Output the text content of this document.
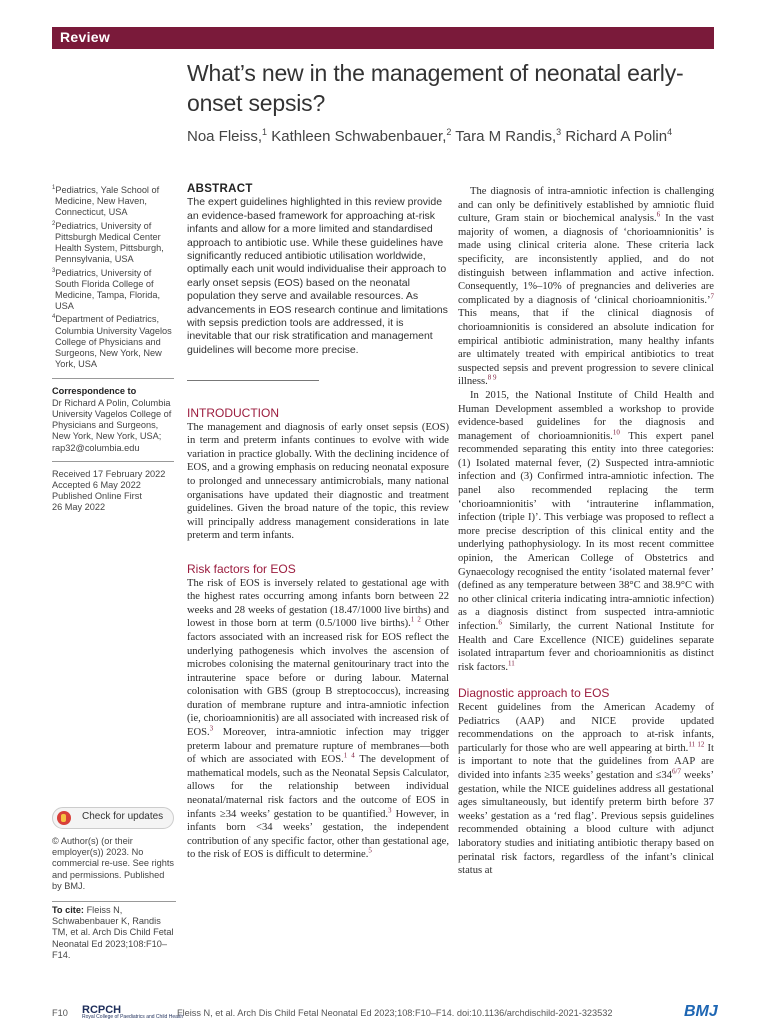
Review
What’s new in the management of neonatal early-onset sepsis?
Noa Fleiss,$^1$ Kathleen Schwabenbauer,$^2$ Tara M Randis,$^3$ Richard A Polin$^4$

$^1$Pediatrics, Yale School of Medicine, New Haven, Connecticut, USA

$^2$Pediatrics, University of Pittsburgh Medical Center Health System, Pittsburgh, Pennsylvania, USA

$^3$Pediatrics, University of South Florida College of Medicine, Tampa, Florida, USA

$^4$Department of Pediatrics, Columbia University Vagelos College of Physicians and Surgeons, New York, New York, USA

Correspondence to

Dr Richard A Polin, Columbia University Vagelos College of Physicians and Surgeons, New York, New York, USA; rap32@columbia.edu

Received 17 February 2022

Accepted 6 May 2022

Published Online First

26 May 2022

Check for updates

© Author(s) (or their employer(s)) 2023. No commercial re-use. See rights and permissions. Published by BMJ.

To cite: Fleiss N, Schwabenbauer K, Randis TM, et al. Arch Dis Child Fetal Neonatal Ed 2023;108:F10–F14.
ABSTRACT

The expert guidelines highlighted in this review provide an evidence-based framework for approaching at-risk infants and allow for a more limited and standardised approach to antibiotic use. While these guidelines have significantly reduced antibiotic utilisation worldwide, optimally each unit would individualise their approach to early onset sepsis (EOS) based on the neonatal population they serve and available resources. As advancements in EOS research continue and limitations with sepsis prediction tools are addressed, it is inevitable that our risk stratification and management guidelines will become more precise.

INTRODUCTION

The management and diagnosis of early onset sepsis (EOS) in term and preterm infants continues to evolve with wide variation in practice globally. With the declining incidence of EOS, and a growing emphasis on reducing neonatal exposure to prolonged and unnecessary antimicrobials, many national organisations have updated their diagnostic and treatment guidelines. Given the broad nature of the topic, this review will principally address management considerations in late preterm and term infants.

Risk factors for EOS

The risk of EOS is inversely related to gestational age with the highest rates occurring among infants born between 22 weeks and 28 weeks of gestation (18.47/1000 live births) and lowest in those born at term (0.5/1000 live births).$^{1 2}$ Other factors associated with an increased risk for EOS reflect the underlying pathogenesis which involves the ascension of microbes colonising the maternal genitourinary tract into the intrauterine space before or during labour. Maternal colonisation with GBS (group B streptococcus), increasing duration of membrane rupture and intra-amniotic infection (ie, chorioamnionitis) are all associated with increased risk of EOS.$^3$ Moreover, intra-amniotic infection may trigger preterm labour and premature rupture of membranes—both of which are associated with EOS.$^{1 4}$ The development of mathematical models, such as the Neonatal Sepsis Calculator, allows for the relationship between individual neonatal/maternal risk factors and the outcome of EOS in infants ≥34 weeks’ gestation to be quantified.$^3$ However, in infants born <34 weeks’ gestation, the independent contribution of any specific factor, other than gestational age, to the risk of EOS is difficult to determine.$^5$

The diagnosis of intra-amniotic infection is challenging and can only be definitively established by amniotic fluid culture, Gram stain or biochemical analysis.$^6$ In the vast majority of women, a diagnosis of ‘chorioamnionitis’ is made using clinical criteria alone. These criteria lack specificity, are inconsistently applied, and do not distinguish between inflammation and active infection. Consequently, 1%–10% of pregnancies and deliveries are complicated by a diagnosis of ‘clinical chorioamnionitis.’$^7$ This means, that if the clinical diagnosis of chorioamnionitis is considered an absolute indication for empirical antibiotic administration, many healthy infants are ultimately treated with empirical antibiotics to treat suspected sepsis and prevent progression to severe clinical illness.$^{8 9}$

In 2015, the National Institute of Child Health and Human Development assembled a workshop to provide evidence-based guidelines for the diagnosis and management of chorioamnionitis.$^{10}$ This expert panel recommended separating this entity into three categories: (1) Isolated maternal fever, (2) Suspected intra-amniotic infection and (3) Confirmed intra-amniotic infection. The panel also recommended replacing the term ‘chorioamnionitis’ with ‘intrauterine inflammation, infection (triple I)’. This verbiage was proposed to reflect a more precise description of this clinical entity and the underlying pathophysiology. In its most recent committee opinion, the American College of Obstetrics and Gynaecology recognised the entity ‘isolated maternal fever’ (defined as any temperature between 38°C and 38.9°C with no other clinical criteria indicating intra-amniotic infection) as a diagnosis distinct from suspected intra-amniotic infection.$^6$ Similarly, the current National Institute for Health and Care Excellence (NICE) guidelines separate isolated intrapartum fever and chorioamnionitis as distinct risk factors.$^{11}$

Diagnostic approach to EOS

Recent guidelines from the American Academy of Pediatrics (AAP) and NICE provide updated recommendations on the approach to at-risk infants, particularly for those who are well appearing at birth.$^{11 12}$ It is important to note that the guidelines from AAP are divided into infants ≥35 weeks’ gestation and $\le 34^{6/7}$ weeks’ gestation, while the NICE guidelines address all gestational ages simultaneously, but identify preterm birth before 37 weeks’ gestation as a ‘red flag’. Previous sepsis guidelines recommended obtaining a blood culture with adjunct laboratory studies and initiating antibiotic therapy based on perinatal risk factors, regardless of the infant’s clinical status at

F10 RCPCH
Royal College of Paediatrics and Child Health
Fleiss N, et al. Arch Dis Child Fetal Neonatal Ed 2023;108:F10–F14. doi:10.1136/archdischild-2021-323532	BMJ
